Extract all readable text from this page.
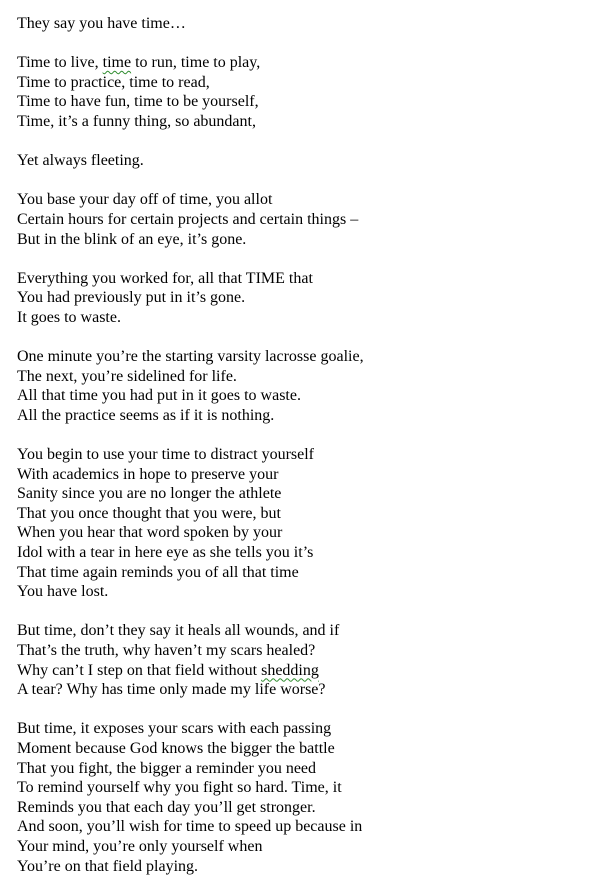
They say you have time…
Time to live, time to run, time to play,
Time to practice, time to read,
Time to have fun, time to be yourself,
Time, it’s a funny thing, so abundant,
Yet always fleeting.
You base your day off of time, you allot
Certain hours for certain projects and certain things –
But in the blink of an eye, it’s gone.
Everything you worked for, all that TIME that
You had previously put in it’s gone.
It goes to waste.
One minute you’re the starting varsity lacrosse goalie,
The next, you’re sidelined for life.
All that time you had put in it goes to waste.
All the practice seems as if it is nothing.
You begin to use your time to distract yourself
With academics in hope to preserve your
Sanity since you are no longer the athlete
That you once thought that you were, but
When you hear that word spoken by your
Idol with a tear in here eye as she tells you it’s
That time again reminds you of all that time
You have lost.
But time, don’t they say it heals all wounds, and if
That’s the truth, why haven’t my scars healed?
Why can’t I step on that field without shedding
A tear? Why has time only made my life worse?
But time, it exposes your scars with each passing
Moment because God knows the bigger the battle
That you fight, the bigger a reminder you need
To remind yourself why you fight so hard. Time, it
Reminds you that each day you’ll get stronger.
And soon, you’ll wish for time to speed up because in
Your mind, you’re only yourself when
You’re on that field playing.
